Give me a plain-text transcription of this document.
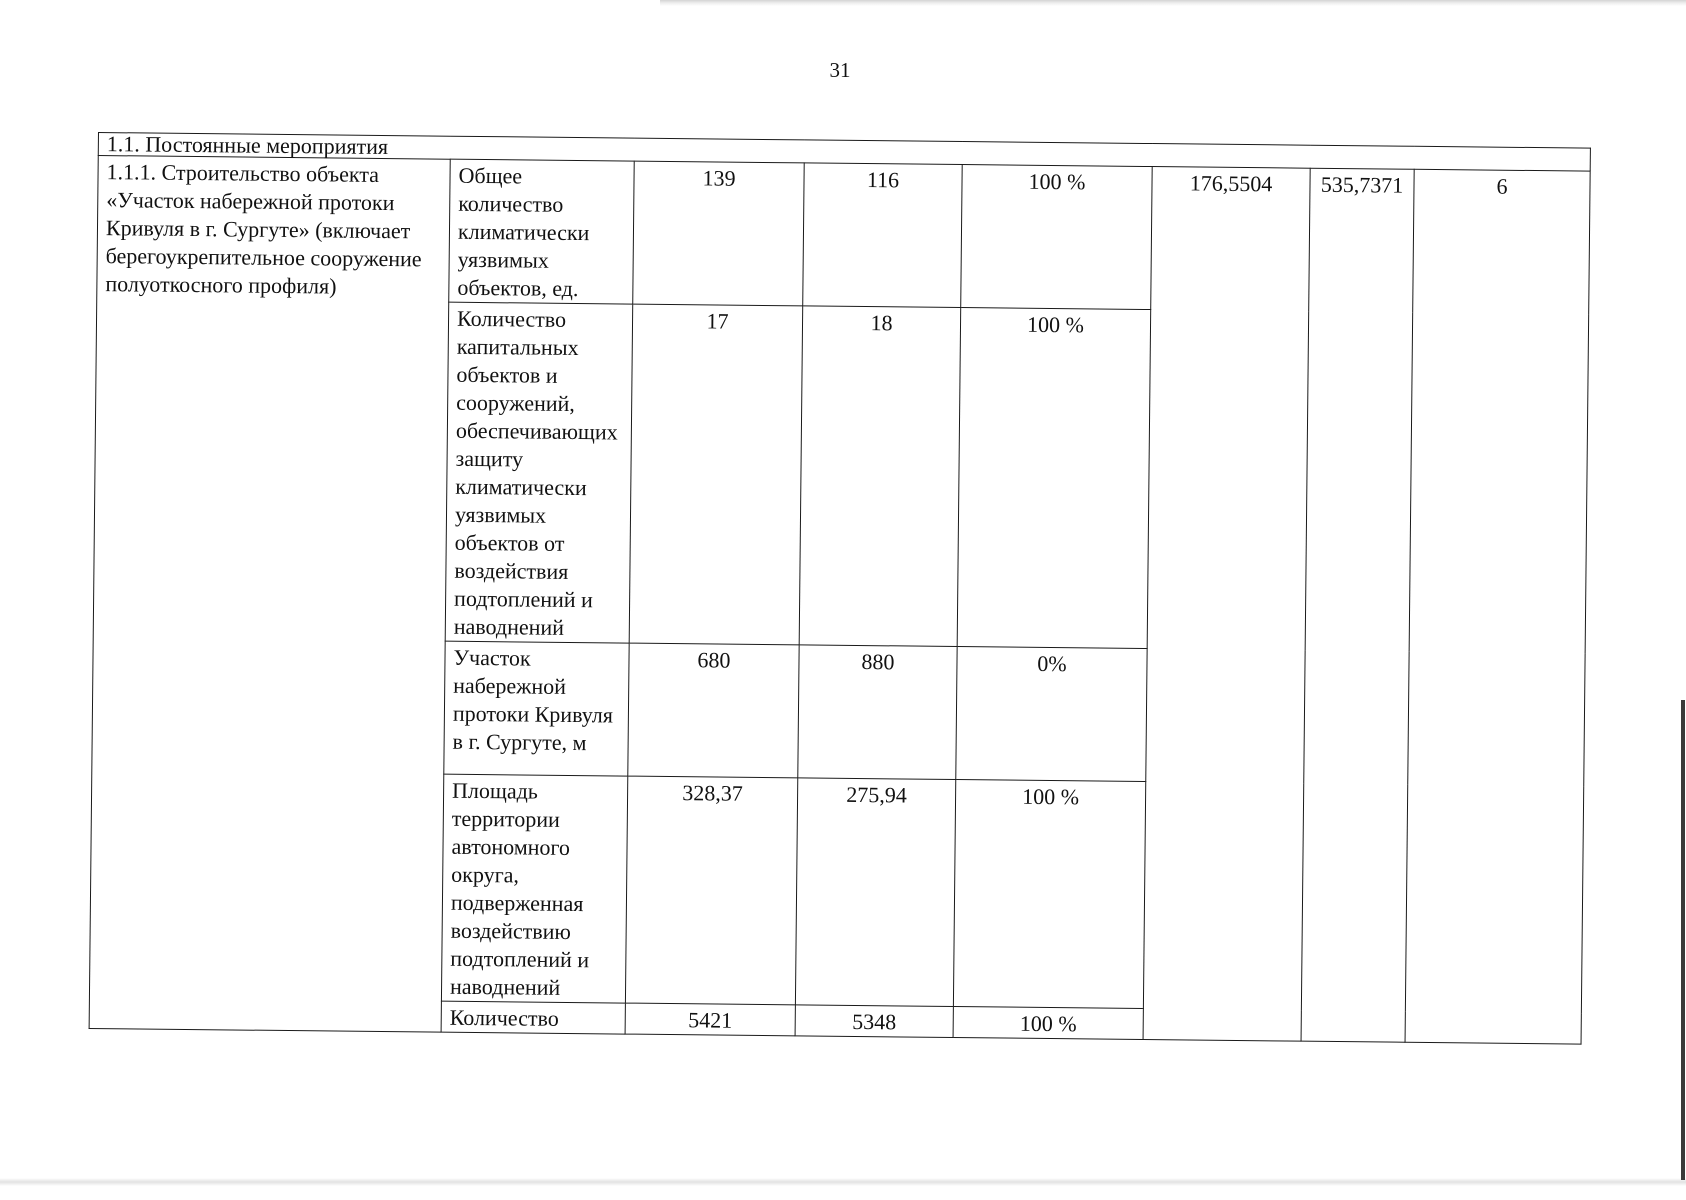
31
1.1. Постоянные мероприятия							
1.1.1. Строительство объекта «Участок набережной протоки Кривуля в г. Сургуте» (включает берегоукрепительное сооружение полуоткосного профиля)	Общее количество климатически уязвимых объектов, ед.	139	116	100 %	176,5504	535,7371	6
	Количество капитальных объектов и сооружений, обеспечивающих защиту климатически уязвимых объектов от воздействия подтоплений и наводнений	17	18	100 %			
	Участок набережной протоки Кривуля в г. Сургуте, м	680	880	0%			
	Площадь территории автономного округа, подверженная воздействию подтоплений и наводнений	328,37	275,94	100 %			
	Количество	5421	5348	100 %			
